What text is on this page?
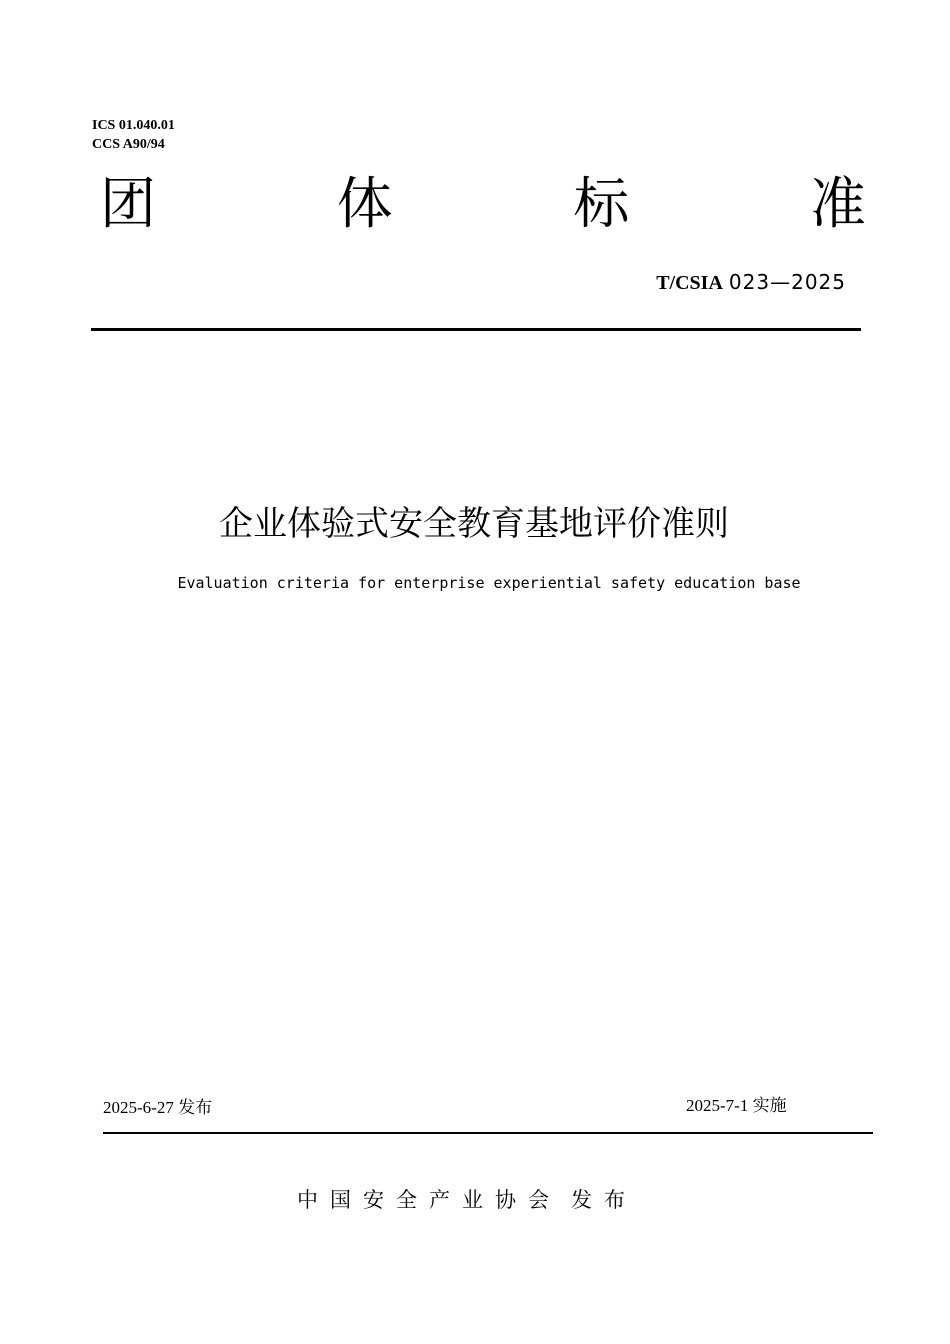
ICS 01.040.01
CCS A90/94
团	体	标	准
T/CSIA 023—2025
企业体验式安全教育基地评价准则
Evaluation criteria for enterprise experiential safety education base
2025-6-27 发布	2025-7-1 实施
中国安全产业协会 发布
